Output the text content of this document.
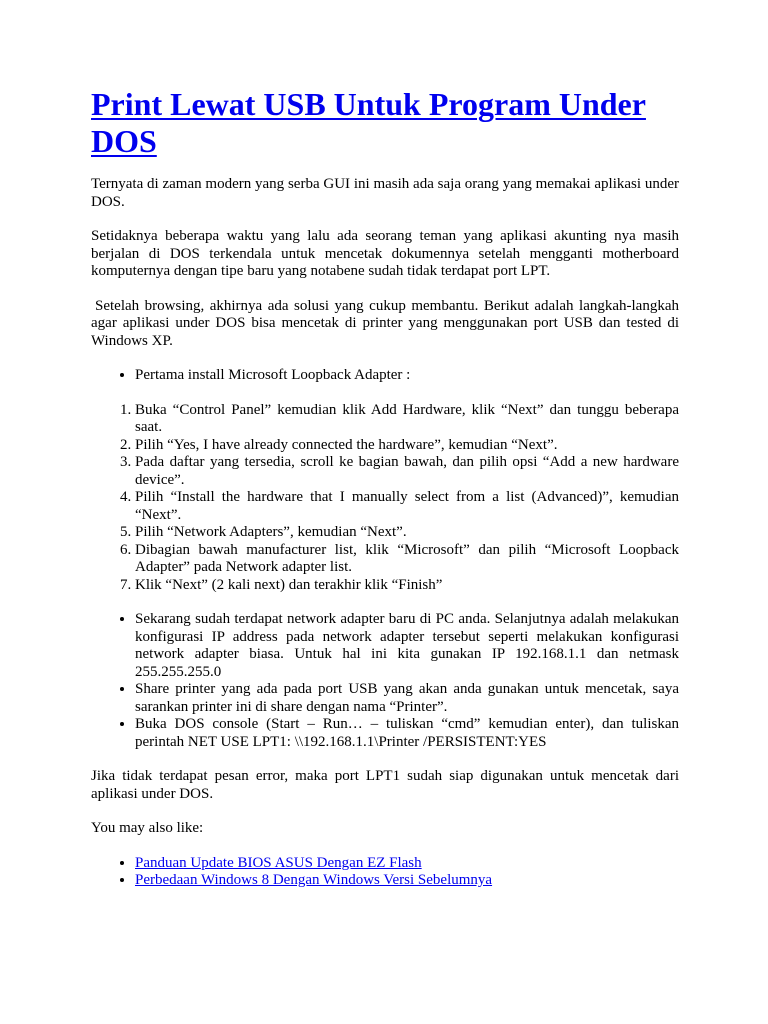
Print Lewat USB Untuk Program Under DOS

Ternyata di zaman modern yang serba GUI ini masih ada saja orang yang memakai aplikasi under DOS.

Setidaknya beberapa waktu yang lalu ada seorang teman yang aplikasi akunting nya masih berjalan di DOS terkendala untuk mencetak dokumennya setelah mengganti motherboard komputernya dengan tipe baru yang notabene sudah tidak terdapat port LPT.

Setelah browsing, akhirnya ada solusi yang cukup membantu. Berikut adalah langkah-langkah agar aplikasi under DOS bisa mencetak di printer yang menggunakan port USB dan tested di Windows XP.

• Pertama install Microsoft Loopback Adapter :
1. Buka “Control Panel” kemudian klik Add Hardware, klik “Next” dan tunggu beberapa saat.
2. Pilih “Yes, I have already connected the hardware”, kemudian “Next”.
3. Pada daftar yang tersedia, scroll ke bagian bawah, dan pilih opsi “Add a new hardware device”.
4. Pilih “Install the hardware that I manually select from a list (Advanced)”, kemudian “Next”.
5. Pilih “Network Adapters”, kemudian “Next”.
6. Dibagian bawah manufacturer list, klik “Microsoft” dan pilih “Microsoft Loopback Adapter” pada Network adapter list.
7. Klik “Next” (2 kali next) dan terakhir klik “Finish”
• Sekarang sudah terdapat network adapter baru di PC anda. Selanjutnya adalah melakukan konfigurasi IP address pada network adapter tersebut seperti melakukan konfigurasi network adapter biasa. Untuk hal ini kita gunakan IP 192.168.1.1 dan netmask 255.255.255.0
• Share printer yang ada pada port USB yang akan anda gunakan untuk mencetak, saya sarankan printer ini di share dengan nama “Printer”.
• Buka DOS console (Start – Run… – tuliskan “cmd” kemudian enter), dan tuliskan perintah NET USE LPT1: \\192.168.1.1\Printer /PERSISTENT:YES

Jika tidak terdapat pesan error, maka port LPT1 sudah siap digunakan untuk mencetak dari aplikasi under DOS.

You may also like:

• Panduan Update BIOS ASUS Dengan EZ Flash
• Perbedaan Windows 8 Dengan Windows Versi Sebelumnya
